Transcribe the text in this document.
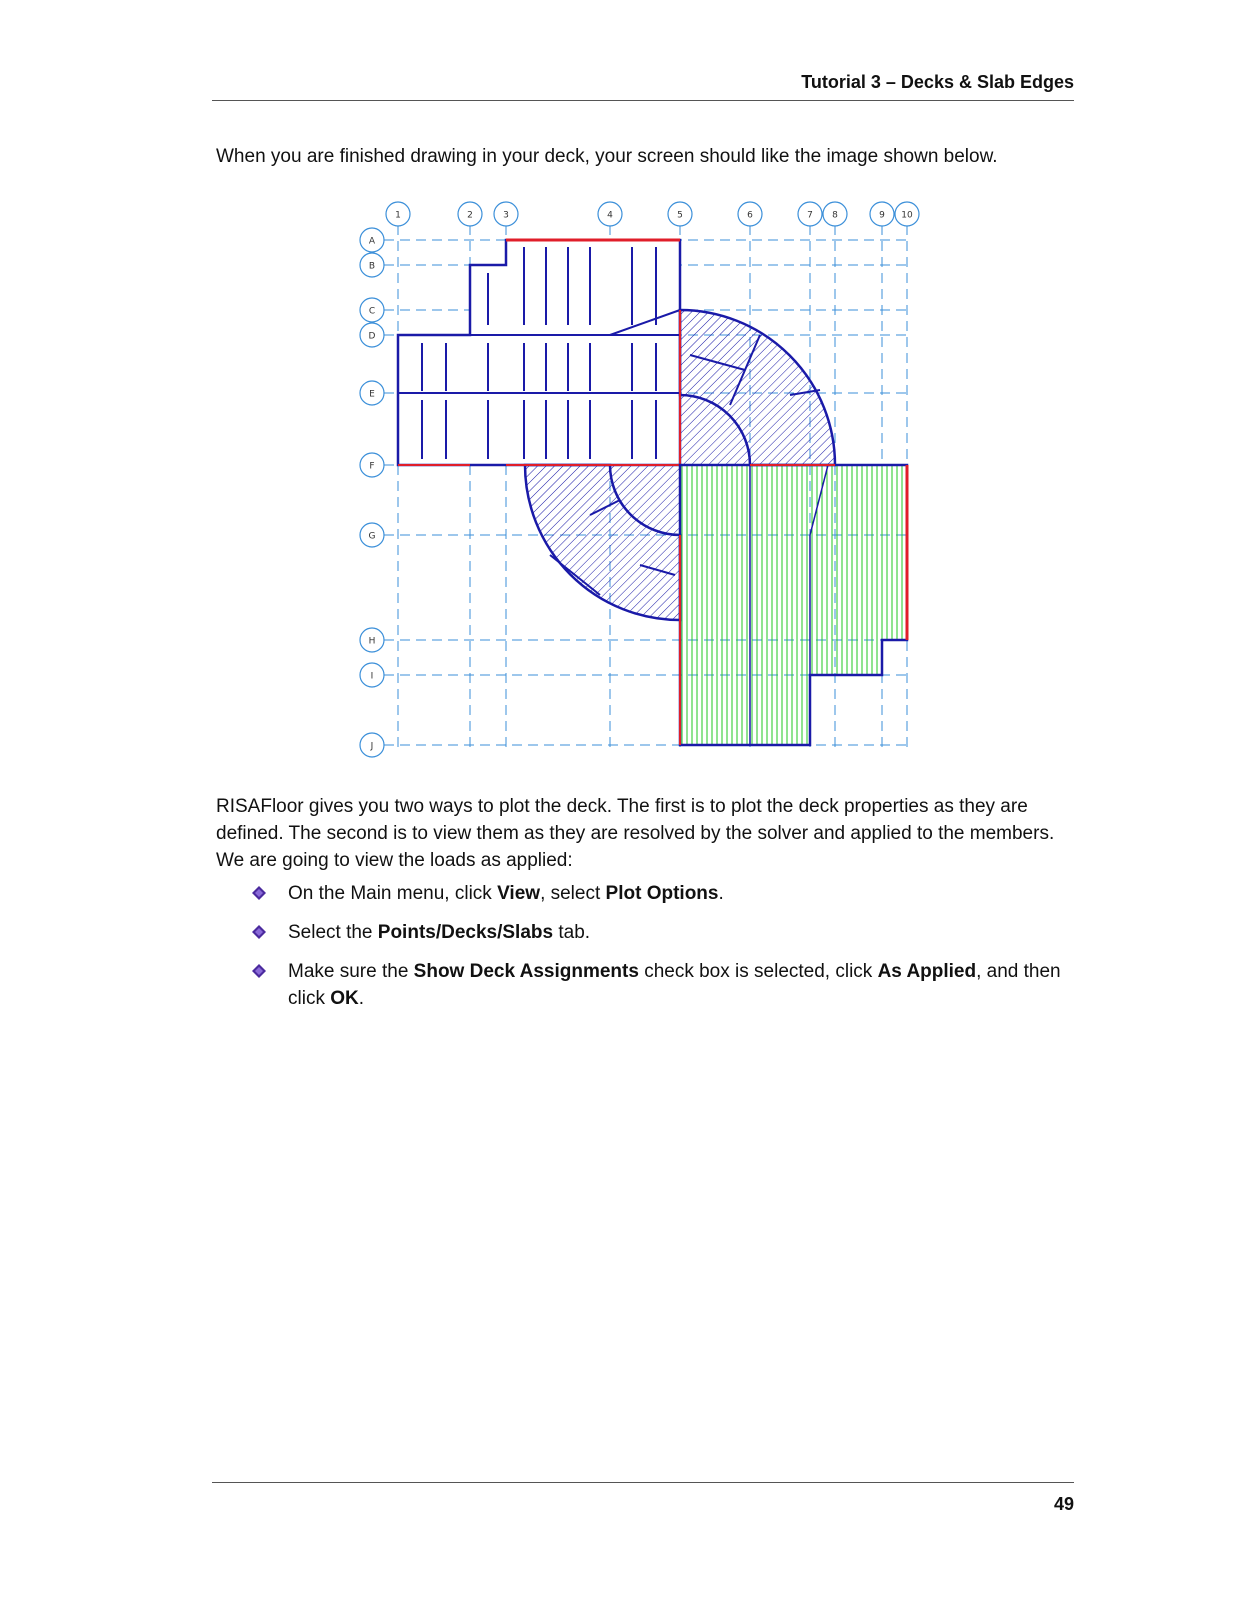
Tutorial 3 – Decks & Slab Edges
When you are finished drawing in your deck, your screen should like the image shown below.
1	2	3	4	5	6	7 8	9 10
A
B
C
D
E
F
G
H
I
J
RISAFloor gives you two ways to plot the deck. The first is to plot the deck properties as they are defined. The second is to view them as they are resolved by the solver and applied to the members. We are going to view the loads as applied:
On the Main menu, click View, select Plot Options.
Select the Points/Decks/Slabs tab.
Make sure the Show Deck Assignments check box is selected, click As Applied, and then click OK.
49
